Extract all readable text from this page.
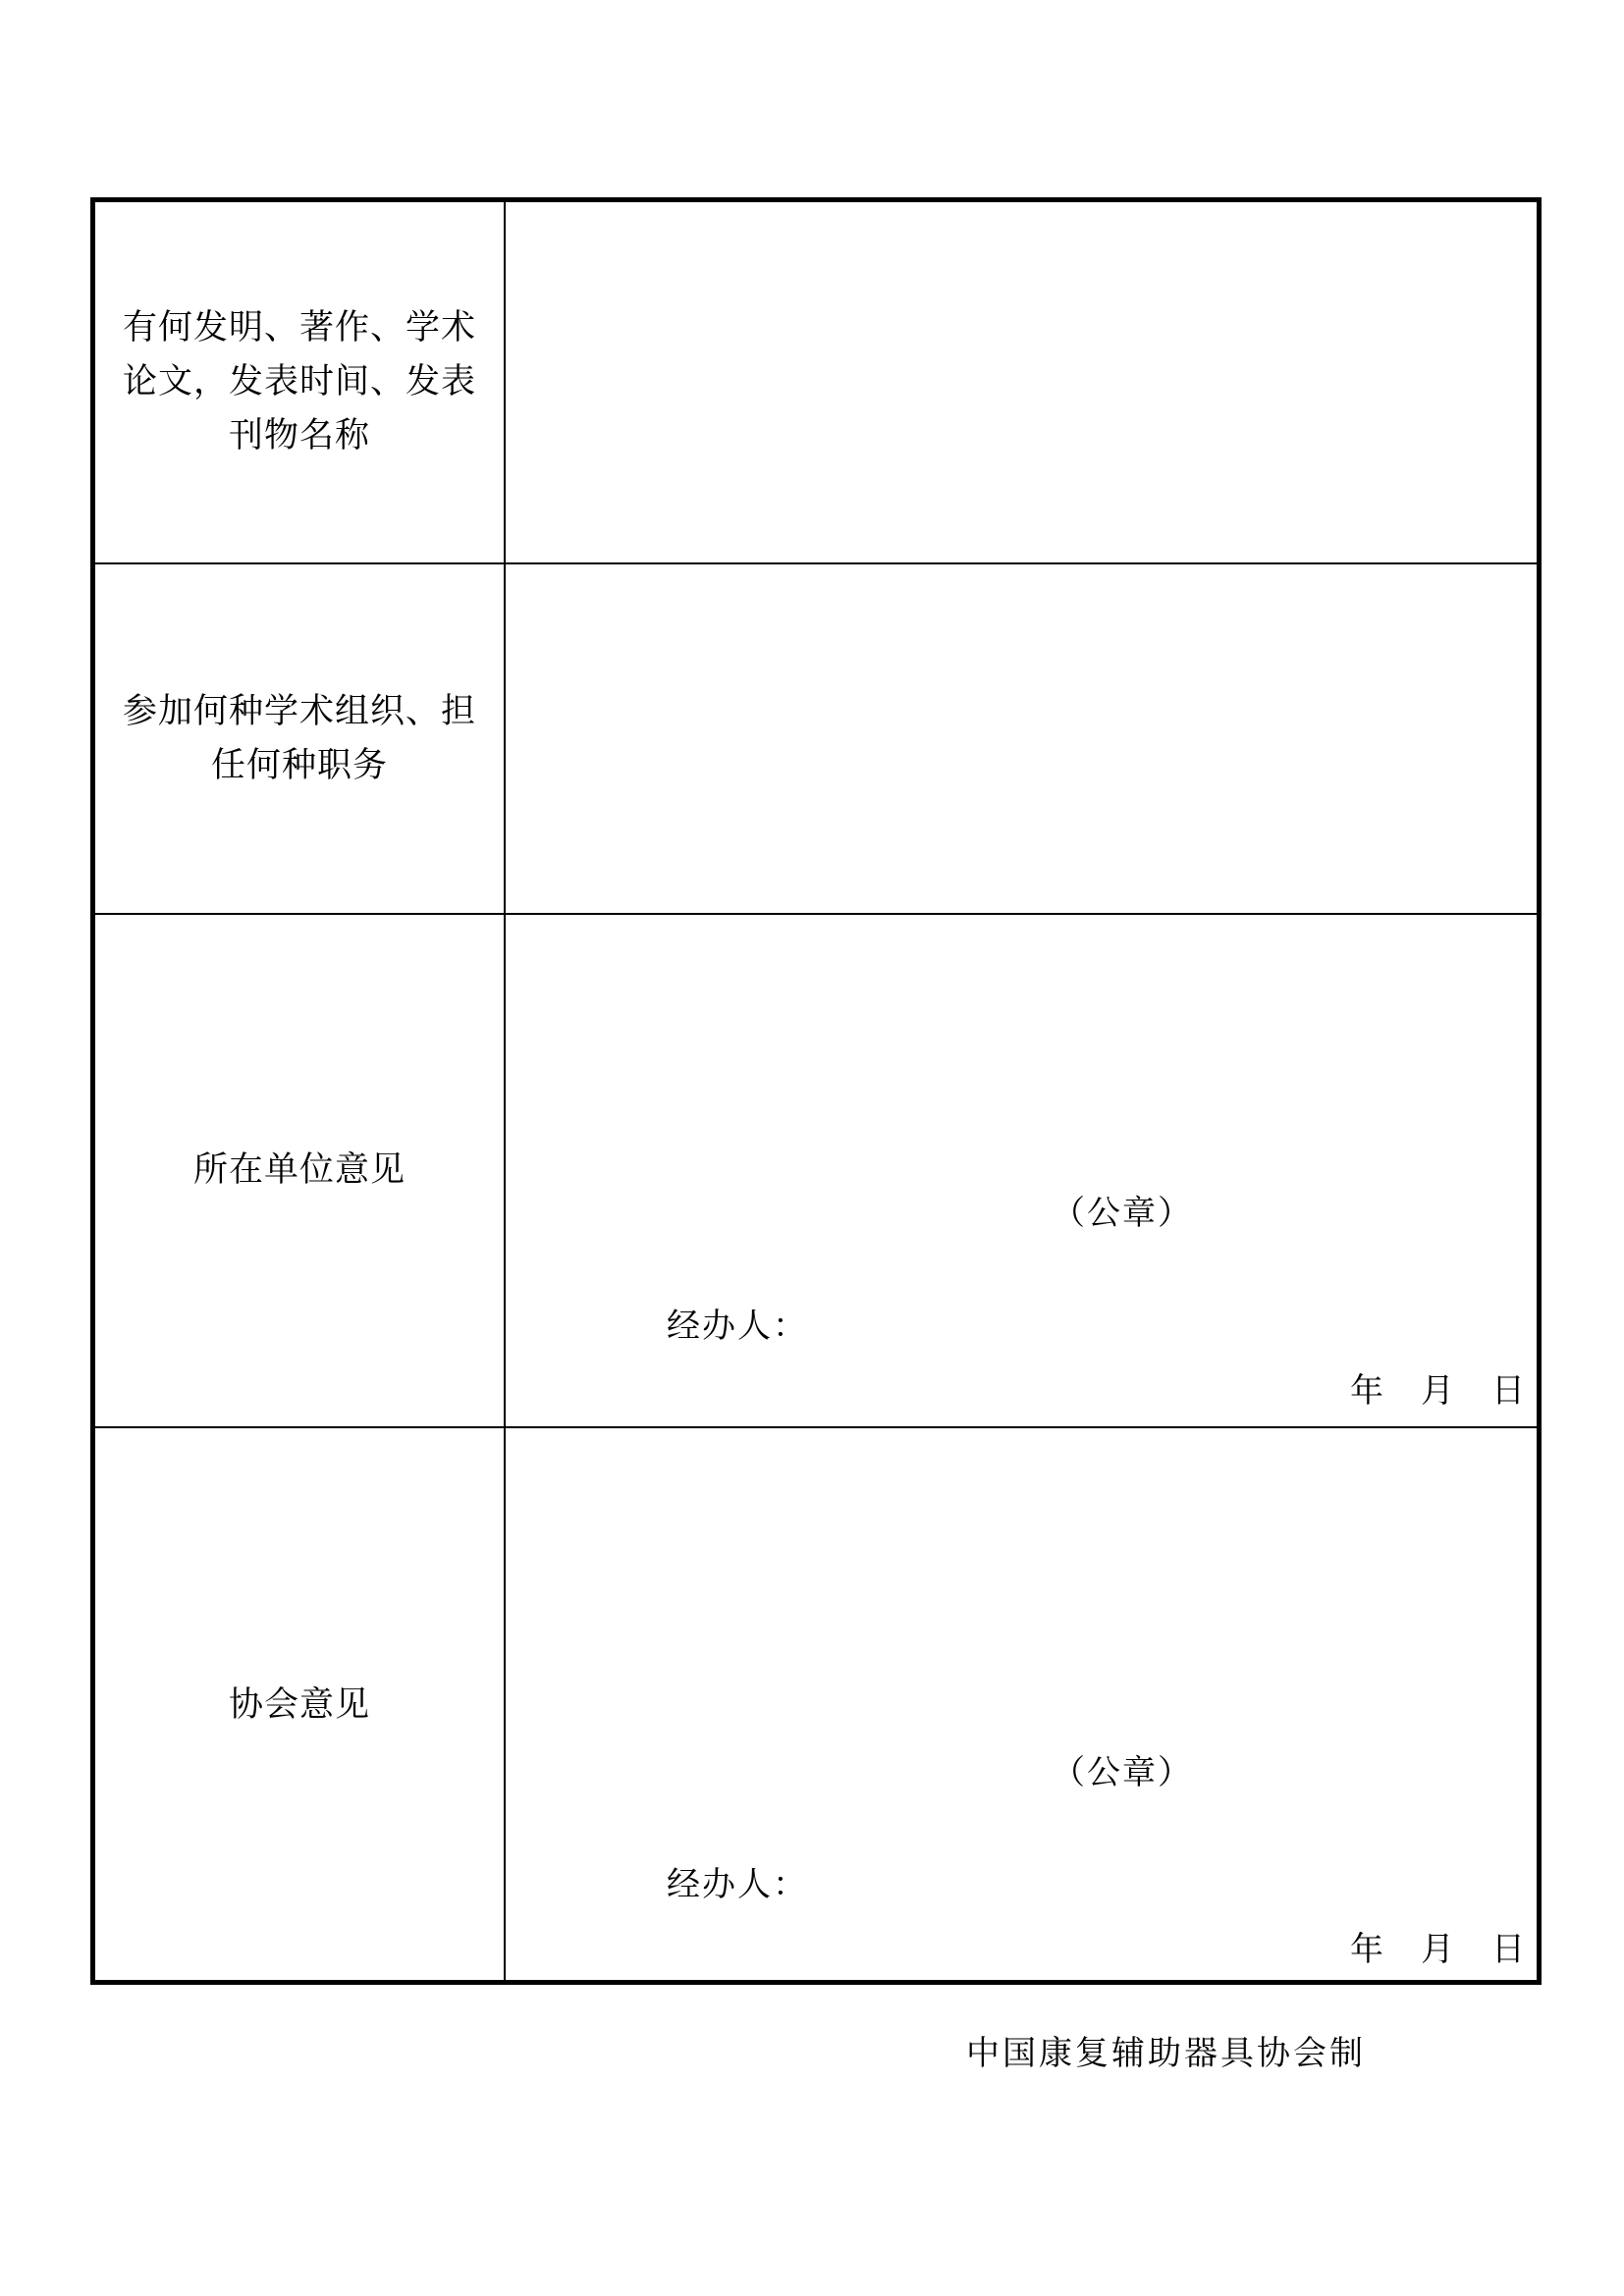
有何发明、著作、学术
论文，发表时间、发表
刊物名称
参加何种学术组织、担
任何种职务
所在单位意见
（公章）
经办人：
年 月 日
协会意见
（公章）
经办人：
年 月 日
中国康复辅助器具协会制
